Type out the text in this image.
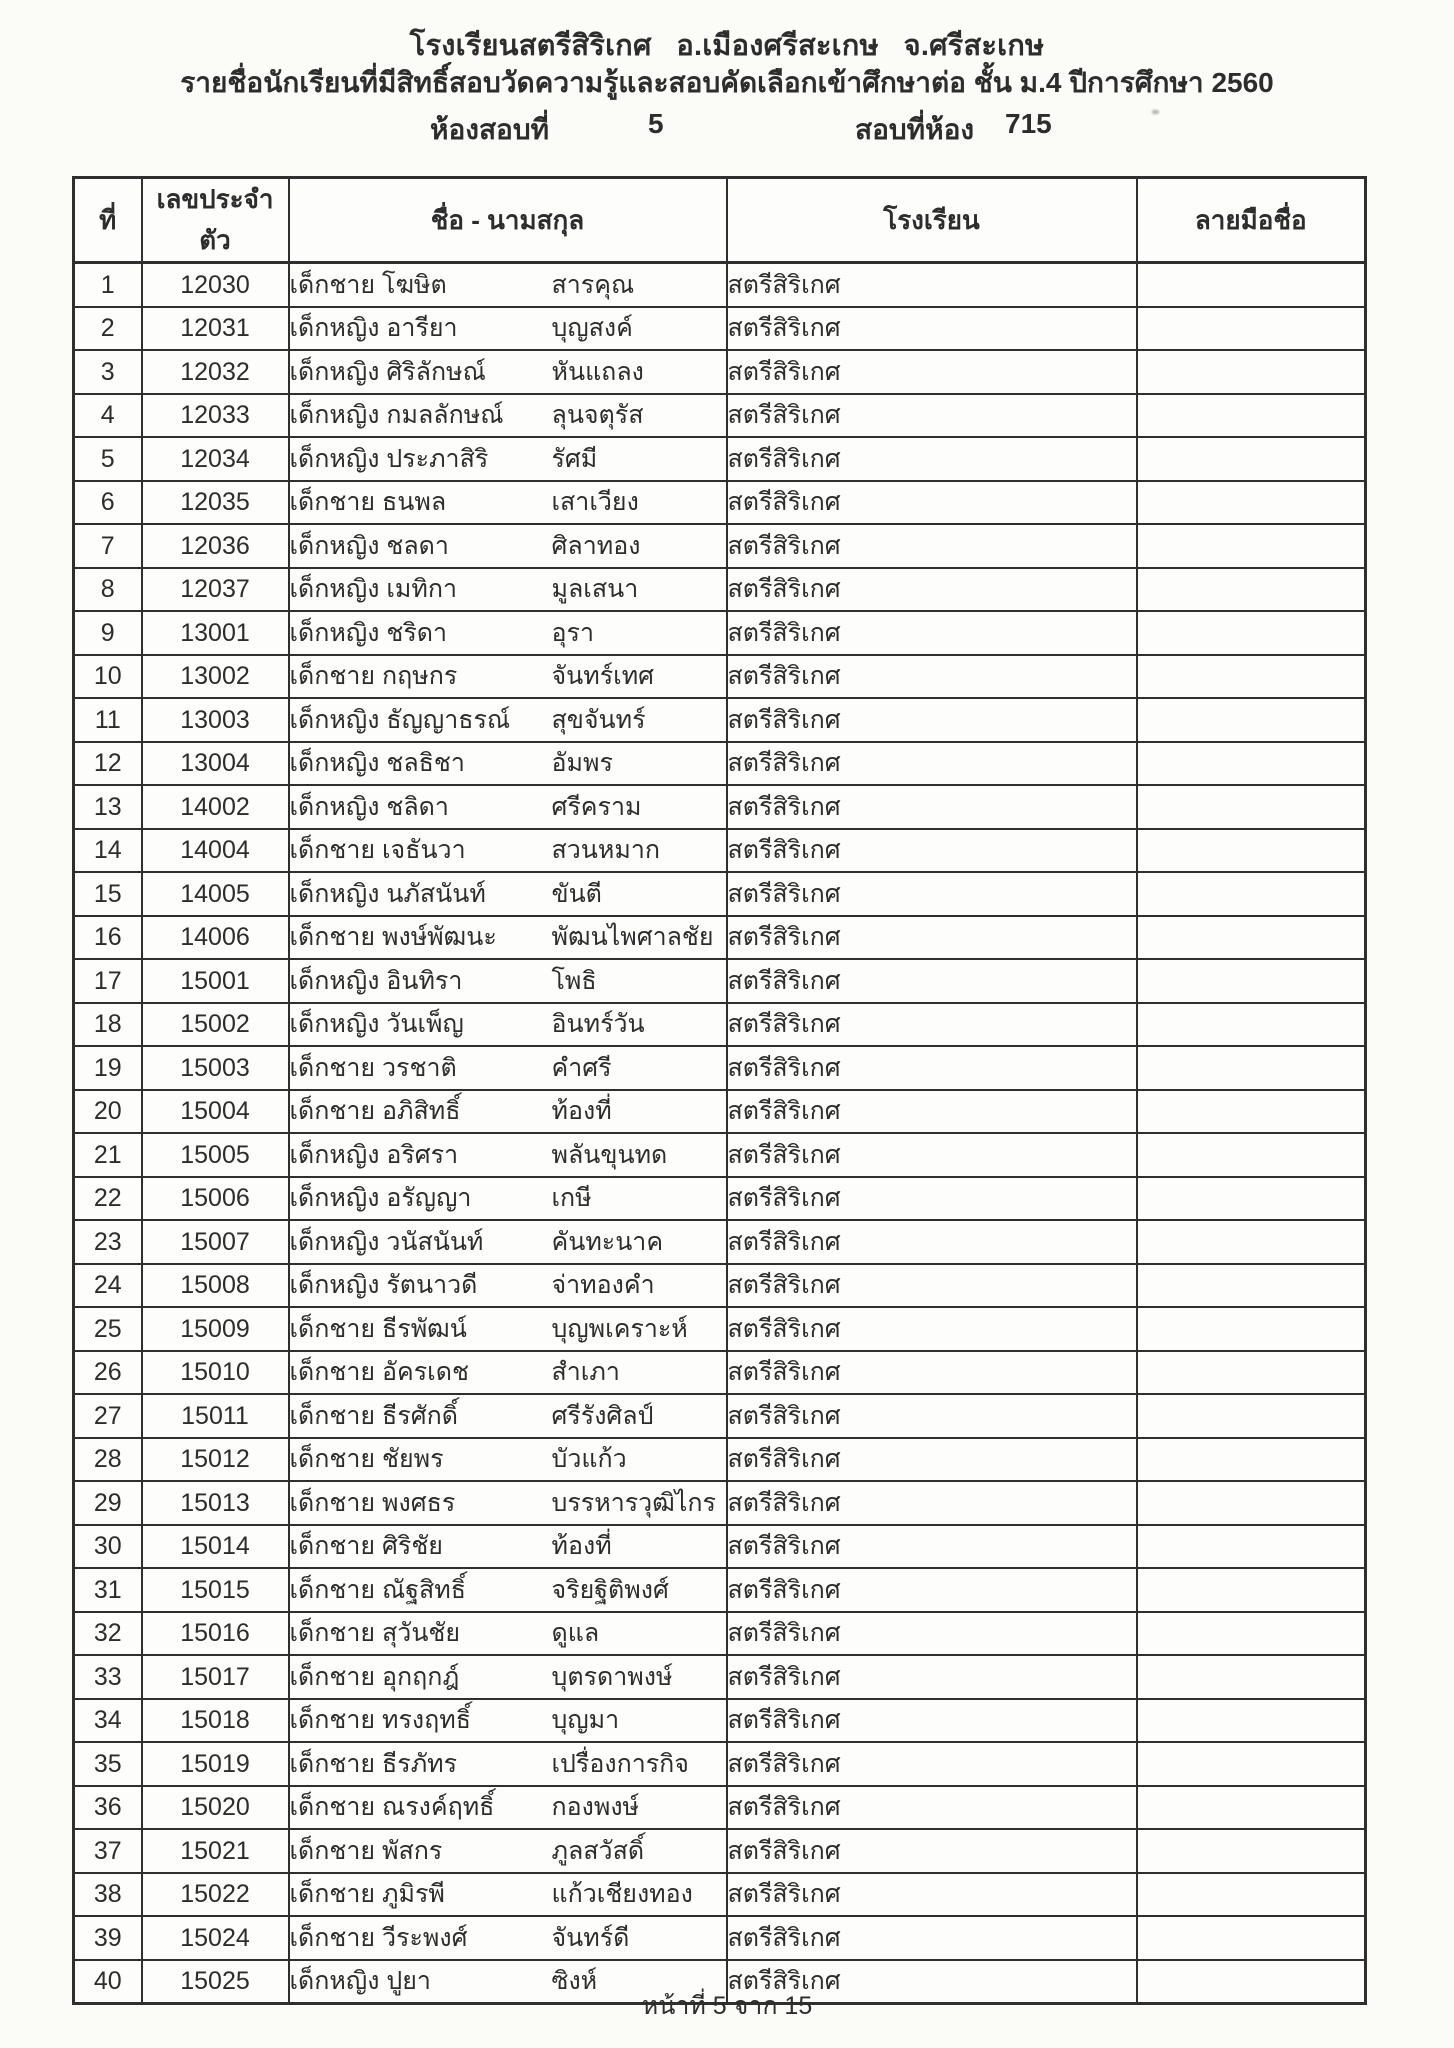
โรงเรียนสตรีสิริเกศ   อ.เมืองศรีสะเกษ   จ.ศรีสะเกษ
รายชื่อนักเรียนที่มีสิทธิ์สอบวัดความรู้และสอบคัดเลือกเข้าศึกษาต่อ ชั้น ม.4 ปีการศึกษา 2560
ห้องสอบที่	5	สอบที่ห้อง 715
ที่	เลขประจำตัว	ชื่อ - นามสกุล	โรงเรียน	ลายมือชื่อ
1	12030	เด็กชาย โฆษิต สารคุณ	สตรีสิริเกศ	
2	12031	เด็กหญิง อารียา บุญสงค์	สตรีสิริเกศ	
3	12032	เด็กหญิง ศิริลักษณ์ หันแถลง	สตรีสิริเกศ	
4	12033	เด็กหญิง กมลลักษณ์ ลุนจตุรัส	สตรีสิริเกศ	
5	12034	เด็กหญิง ประภาสิริ รัศมี	สตรีสิริเกศ	
6	12035	เด็กชาย ธนพล เสาเวียง	สตรีสิริเกศ	
7	12036	เด็กหญิง ชลดา ศิลาทอง	สตรีสิริเกศ	
8	12037	เด็กหญิง เมทิกา มูลเสนา	สตรีสิริเกศ	
9	13001	เด็กหญิง ชริดา อุรา	สตรีสิริเกศ	
10	13002	เด็กชาย กฤษกร จันทร์เทศ	สตรีสิริเกศ	
11	13003	เด็กหญิง ธัญญาธรณ์ สุขจันทร์	สตรีสิริเกศ	
12	13004	เด็กหญิง ชลธิชา อัมพร	สตรีสิริเกศ	
13	14002	เด็กหญิง ชลิดา ศรีคราม	สตรีสิริเกศ	
14	14004	เด็กชาย เจธันวา สวนหมาก	สตรีสิริเกศ	
15	14005	เด็กหญิง นภัสนันท์ ขันตี	สตรีสิริเกศ	
16	14006	เด็กชาย พงษ์พัฒนะ พัฒนไพศาลชัย	สตรีสิริเกศ	
17	15001	เด็กหญิง อินทิรา โพธิ	สตรีสิริเกศ	
18	15002	เด็กหญิง วันเพ็ญ อินทร์วัน	สตรีสิริเกศ	
19	15003	เด็กชาย วรชาติ คำศรี	สตรีสิริเกศ	
20	15004	เด็กชาย อภิสิทธิ์ ท้องที่	สตรีสิริเกศ	
21	15005	เด็กหญิง อริศรา พลันขุนทด	สตรีสิริเกศ	
22	15006	เด็กหญิง อรัญญา เกษี	สตรีสิริเกศ	
23	15007	เด็กหญิง วนัสนันท์ คันทะนาค	สตรีสิริเกศ	
24	15008	เด็กหญิง รัตนาวดี จ่าทองคำ	สตรีสิริเกศ	
25	15009	เด็กชาย ธีรพัฒน์ บุญพเคราะห์	สตรีสิริเกศ	
26	15010	เด็กชาย อัครเดช สำเภา	สตรีสิริเกศ	
27	15011	เด็กชาย ธีรศักดิ์ ศรีรังศิลป์	สตรีสิริเกศ	
28	15012	เด็กชาย ชัยพร บัวแก้ว	สตรีสิริเกศ	
29	15013	เด็กชาย พงศธร บรรหารวุฒิไกร	สตรีสิริเกศ	
30	15014	เด็กชาย ศิริชัย ท้องที่	สตรีสิริเกศ	
31	15015	เด็กชาย ณัฐสิทธิ์ จริยฐิติพงศ์	สตรีสิริเกศ	
32	15016	เด็กชาย สุวันชัย ดูแล	สตรีสิริเกศ	
33	15017	เด็กชาย อุกฤกฎ์ บุตรดาพงษ์	สตรีสิริเกศ	
34	15018	เด็กชาย ทรงฤทธิ์ บุญมา	สตรีสิริเกศ	
35	15019	เด็กชาย ธีรภัทร เปรื่องการกิจ	สตรีสิริเกศ	
36	15020	เด็กชาย ณรงค์ฤทธิ์ กองพงษ์	สตรีสิริเกศ	
37	15021	เด็กชาย พัสกร ภูลสวัสดิ์	สตรีสิริเกศ	
38	15022	เด็กชาย ภูมิรพี แก้วเชียงทอง	สตรีสิริเกศ	
39	15024	เด็กชาย วีระพงศ์ จันทร์ดี	สตรีสิริเกศ	
40	15025	เด็กหญิง ปูยา ซิงห์	สตรีสิริเกศ	
หน้าที่ 5 จาก 15
